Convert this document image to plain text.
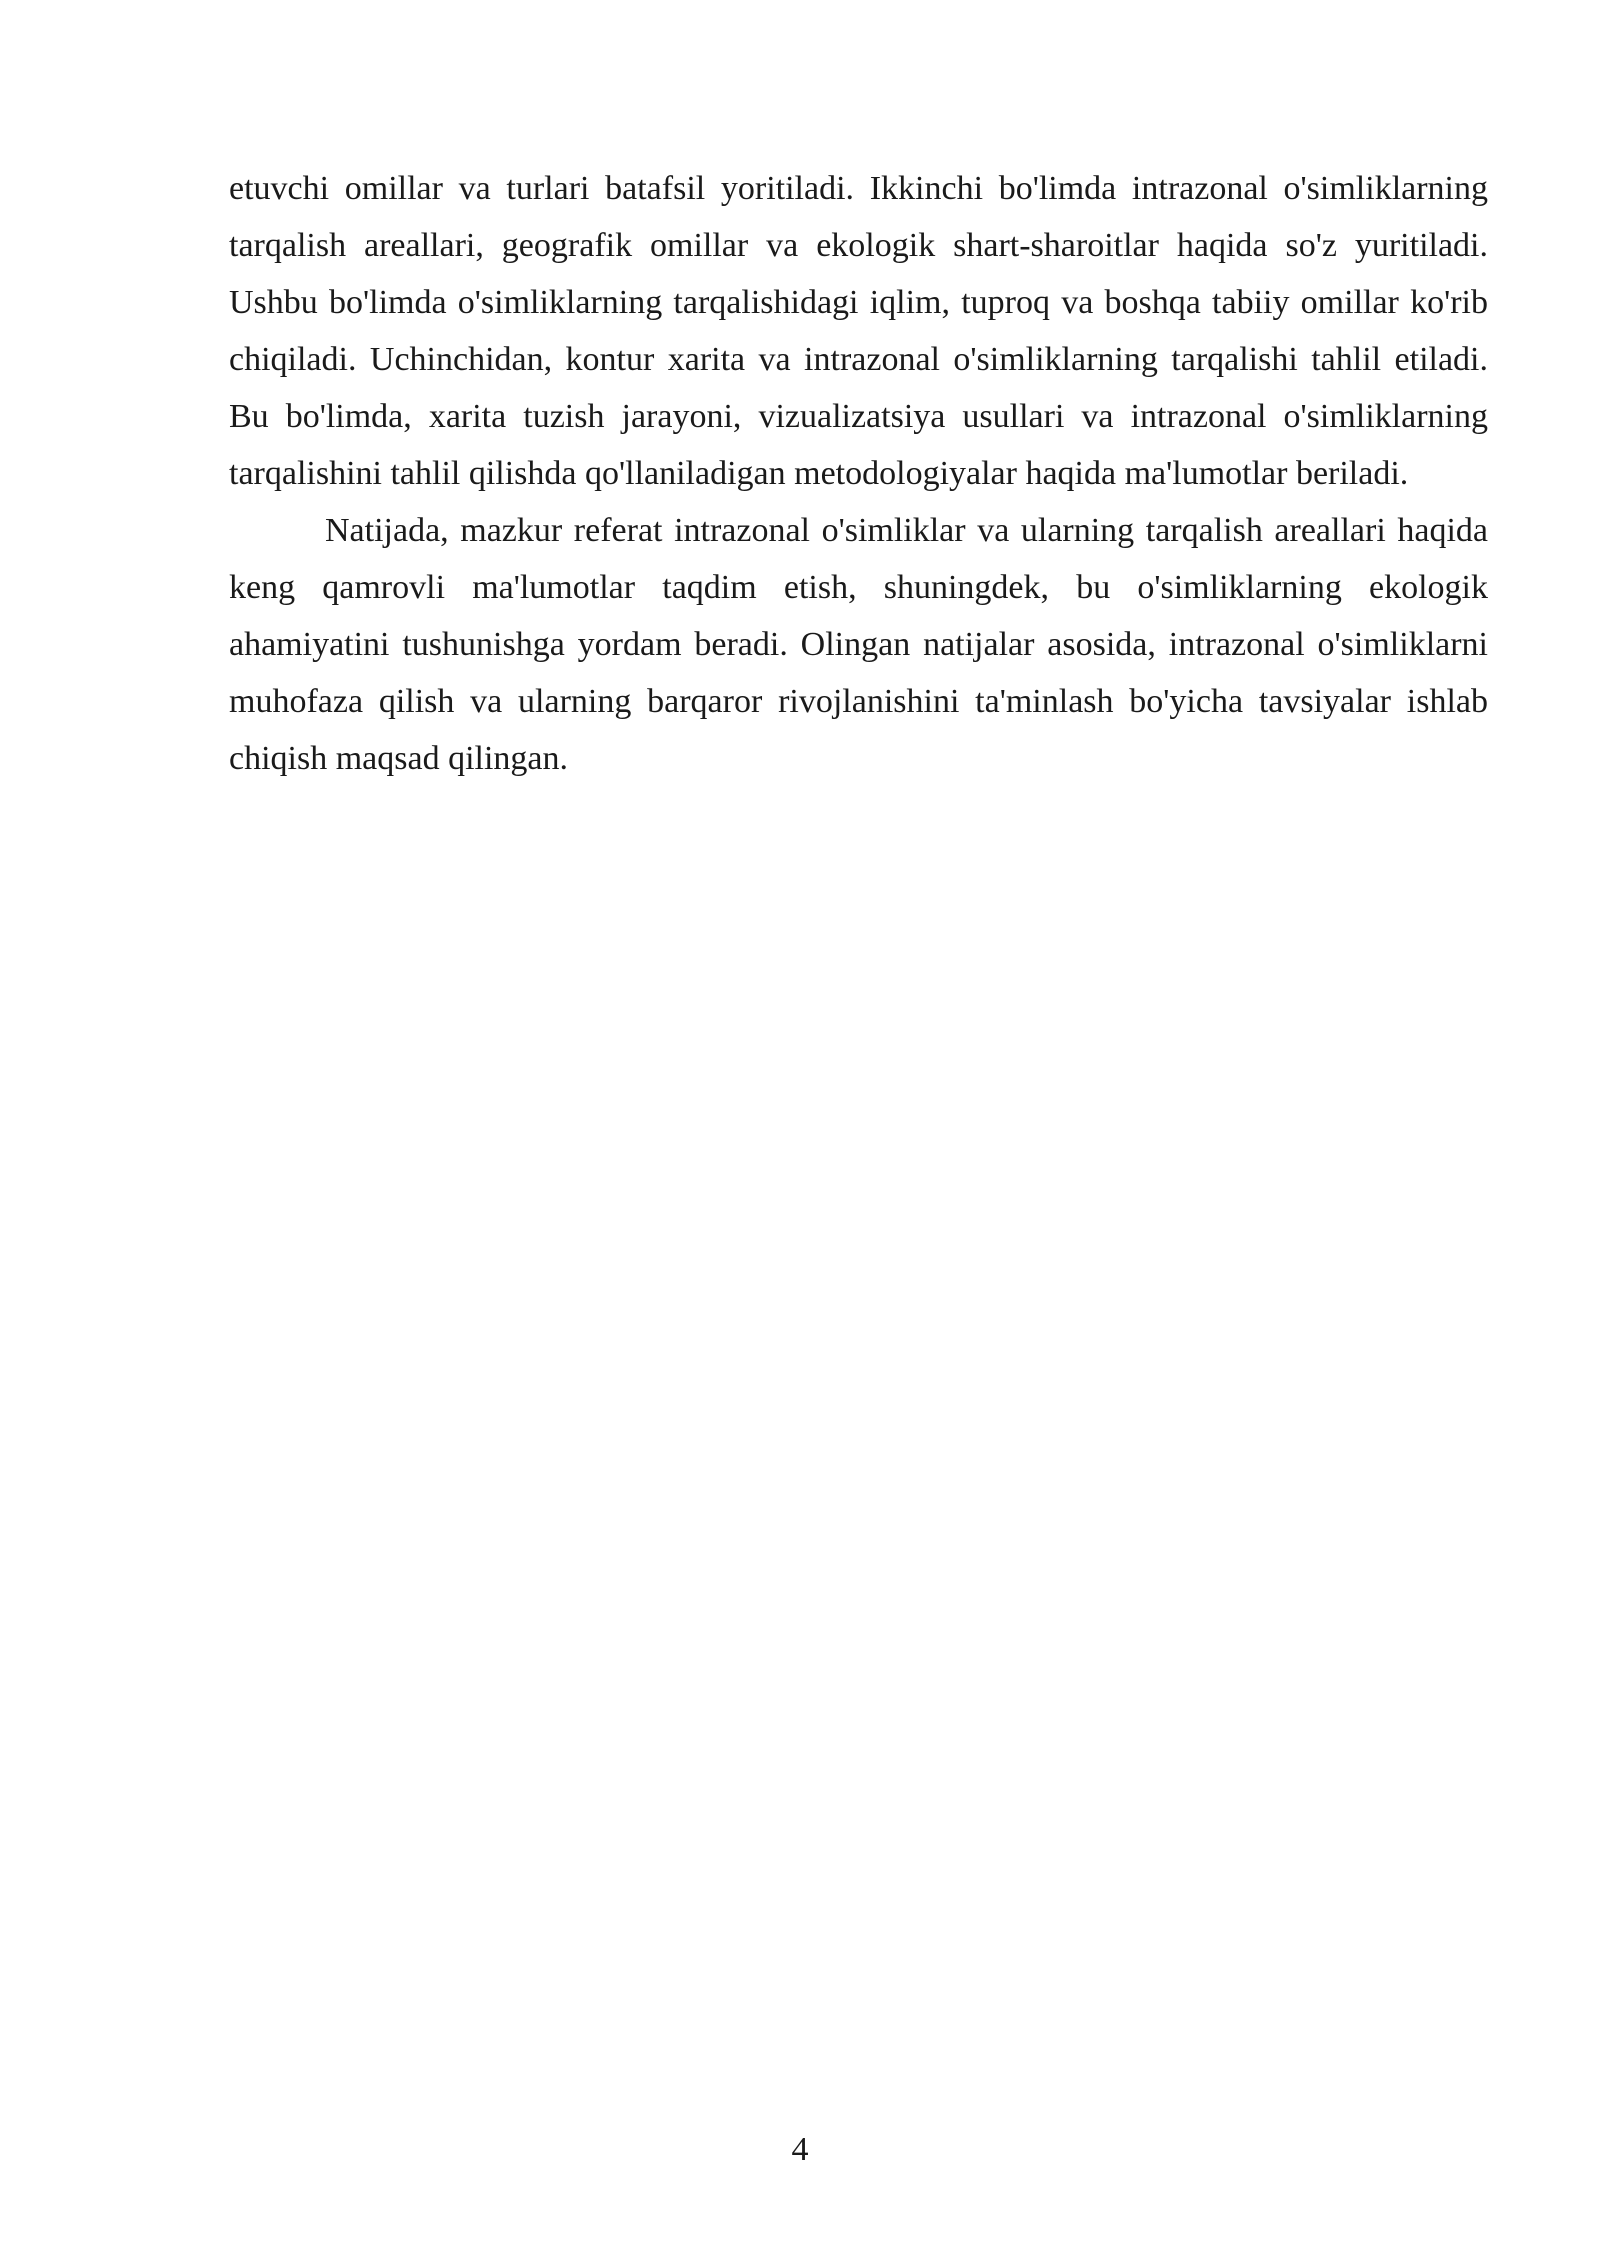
etuvchi omillar va turlari batafsil yoritiladi. Ikkinchi bo'limda intrazonal o'simliklarning tarqalish areallari, geografik omillar va ekologik shart-sharoitlar haqida so'z yuritiladi. Ushbu bo'limda o'simliklarning tarqalishidagi iqlim, tuproq va boshqa tabiiy omillar ko'rib chiqiladi. Uchinchidan, kontur xarita va intrazonal o'simliklarning tarqalishi tahlil etiladi. Bu bo'limda, xarita tuzish jarayoni, vizualizatsiya usullari va intrazonal o'simliklarning tarqalishini tahlil qilishda qo'llaniladigan metodologiyalar haqida ma'lumotlar beriladi.

Natijada, mazkur referat intrazonal o'simliklar va ularning tarqalish areallari haqida keng qamrovli ma'lumotlar taqdim etish, shuningdek, bu o'simliklarning ekologik ahamiyatini tushunishga yordam beradi. Olingan natijalar asosida, intrazonal o'simliklarni muhofaza qilish va ularning barqaror rivojlanishini ta'minlash bo'yicha tavsiyalar ishlab chiqish maqsad qilingan.

4
